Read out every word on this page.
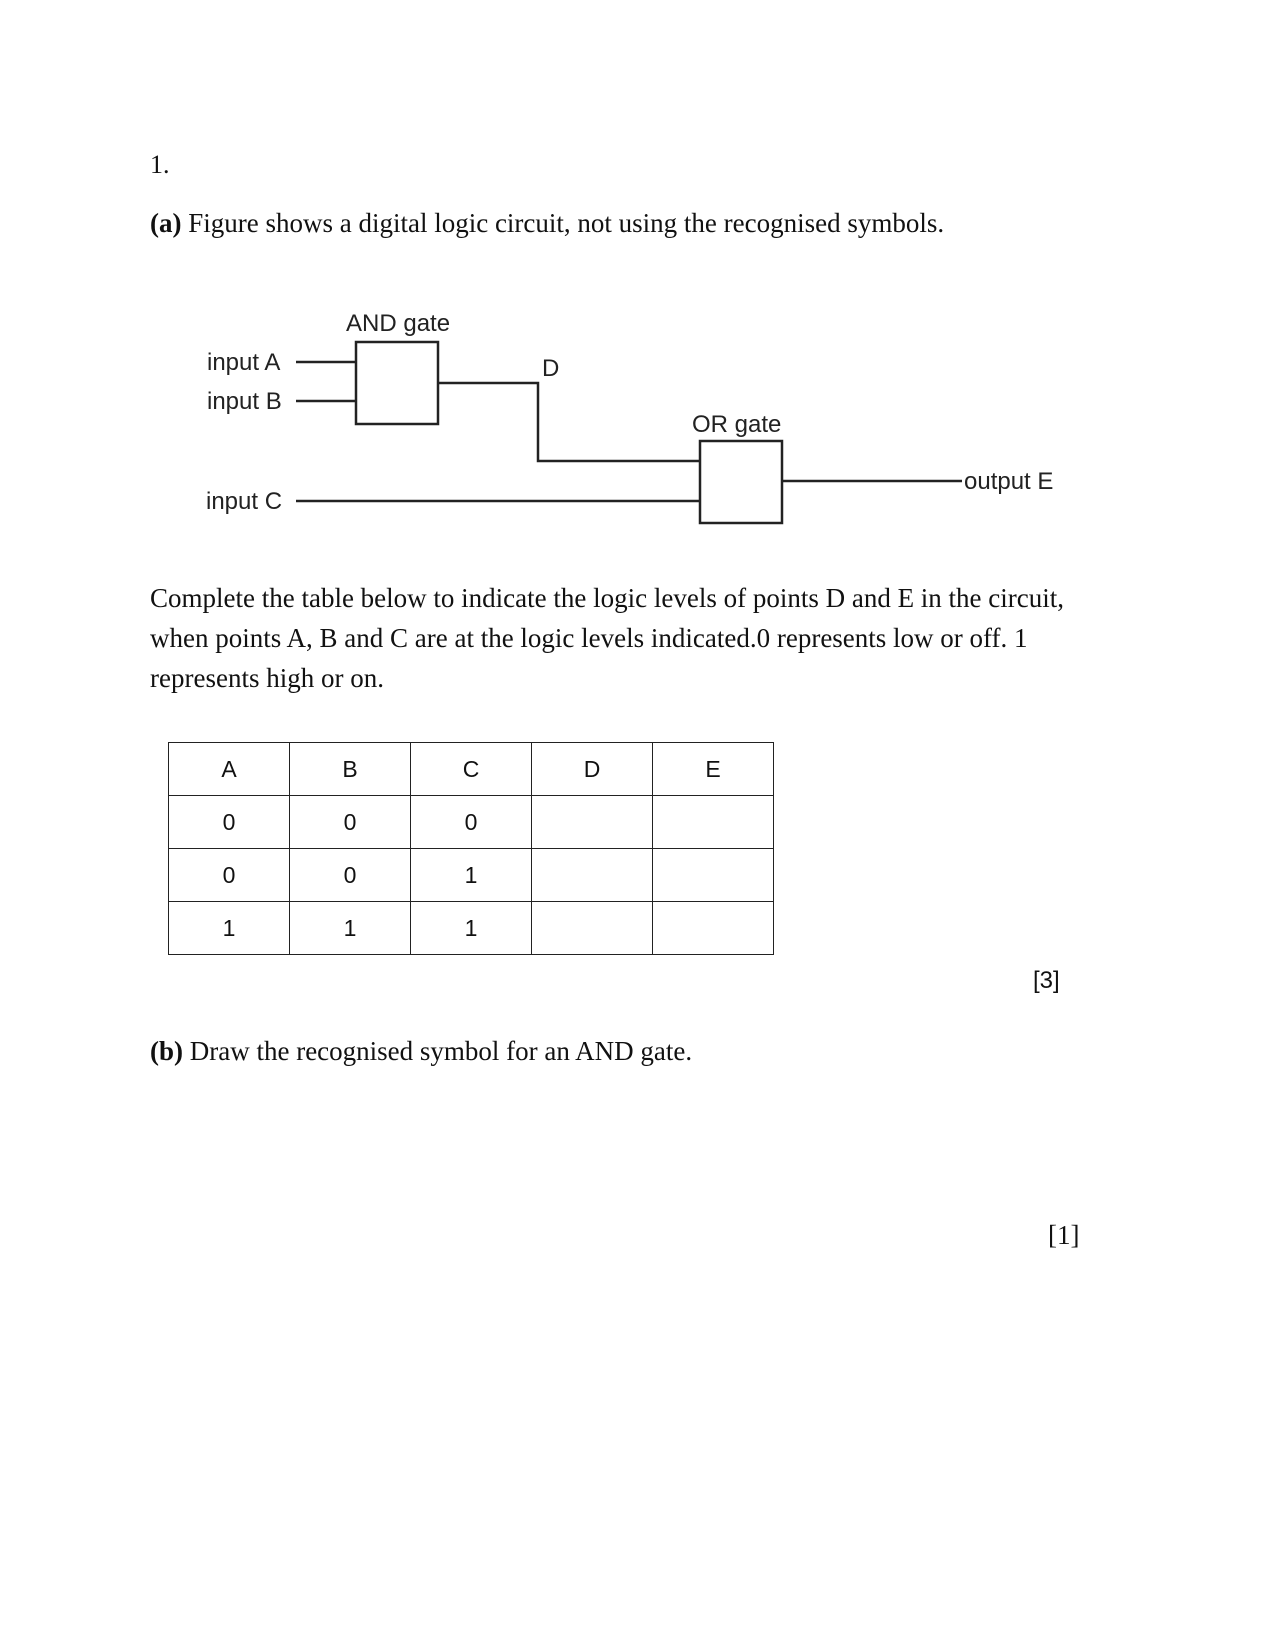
1.
(a) Figure shows a digital logic circuit, not using the recognised symbols.
AND gate
input A
input B
D
input C
OR gate
output E
Complete the table below to indicate the logic levels of points D and E in the circuit, when points A, B and C are at the logic levels indicated.0 represents low or off. 1 represents high or on.
A	B	C	D	E
0	0	0		
0	0	1		
1	1	1		
[3]
(b) Draw the recognised symbol for an AND gate.
[1]
